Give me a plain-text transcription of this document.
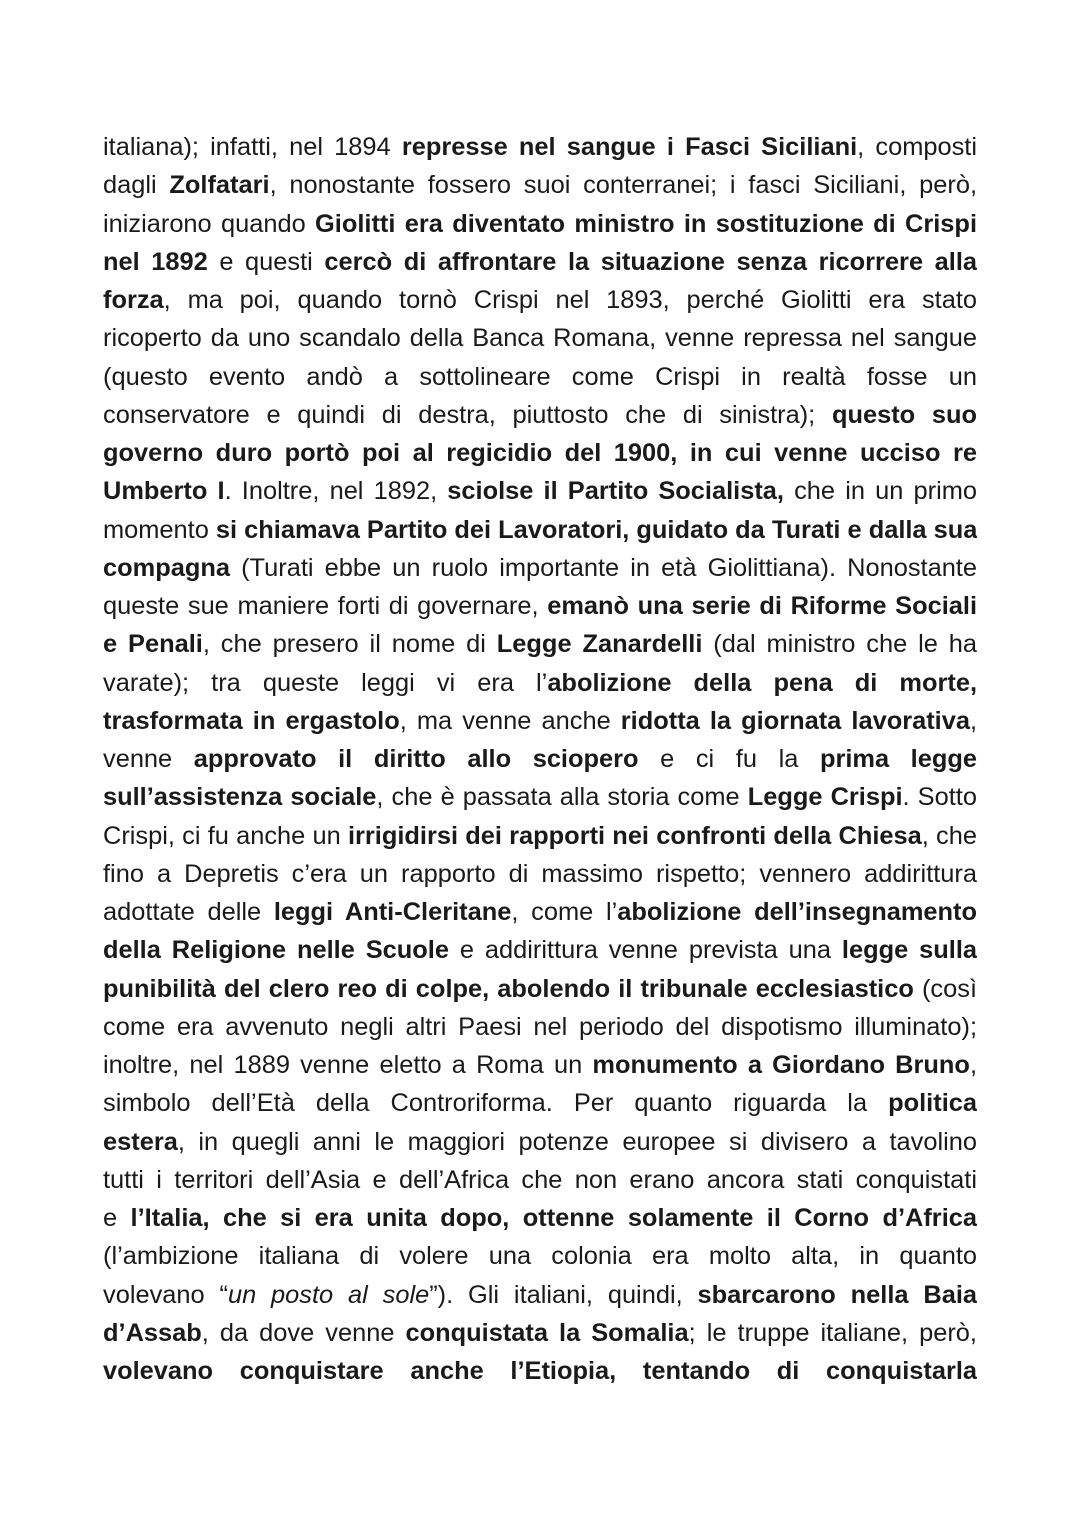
italiana); infatti, nel 1894 represse nel sangue i Fasci Siciliani, composti
dagli Zolfatari, nonostante fossero suoi conterranei; i fasci Siciliani, però,
iniziarono quando Giolitti era diventato ministro in sostituzione di Crispi
nel 1892 e questi cercò di affrontare la situazione senza ricorrere alla
forza, ma poi, quando tornò Crispi nel 1893, perché Giolitti era stato
ricoperto da uno scandalo della Banca Romana, venne repressa nel sangue
(questo evento andò a sottolineare come Crispi in realtà fosse un
conservatore e quindi di destra, piuttosto che di sinistra); questo suo
governo duro portò poi al regicidio del 1900, in cui venne ucciso re
Umberto I. Inoltre, nel 1892, sciolse il Partito Socialista, che in un primo
momento si chiamava Partito dei Lavoratori, guidato da Turati e dalla sua
compagna (Turati ebbe un ruolo importante in età Giolittiana). Nonostante
queste sue maniere forti di governare, emanò una serie di Riforme Sociali
e Penali, che presero il nome di Legge Zanardelli (dal ministro che le ha
varate); tra queste leggi vi era l’abolizione della pena di morte,
trasformata in ergastolo, ma venne anche ridotta la giornata lavorativa,
venne approvato il diritto allo sciopero e ci fu la prima legge
sull’assistenza sociale, che è passata alla storia come Legge Crispi. Sotto
Crispi, ci fu anche un irrigidirsi dei rapporti nei confronti della Chiesa, che
fino a Depretis c’era un rapporto di massimo rispetto; vennero addirittura
adottate delle leggi Anti-Cleritane, come l’abolizione dell’insegnamento
della Religione nelle Scuole e addirittura venne prevista una legge sulla
punibilità del clero reo di colpe, abolendo il tribunale ecclesiastico (così
come era avvenuto negli altri Paesi nel periodo del dispotismo illuminato);
inoltre, nel 1889 venne eletto a Roma un monumento a Giordano Bruno,
simbolo dell’Età della Controriforma. Per quanto riguarda la politica
estera, in quegli anni le maggiori potenze europee si divisero a tavolino
tutti i territori dell’Asia e dell’Africa che non erano ancora stati conquistati
e l’Italia, che si era unita dopo, ottenne solamente il Corno d’Africa
(l’ambizione italiana di volere una colonia era molto alta, in quanto
volevano “un posto al sole”). Gli italiani, quindi, sbarcarono nella Baia
d’Assab, da dove venne conquistata la Somalia; le truppe italiane, però,
volevano conquistare anche l’Etiopia, tentando di conquistarla
